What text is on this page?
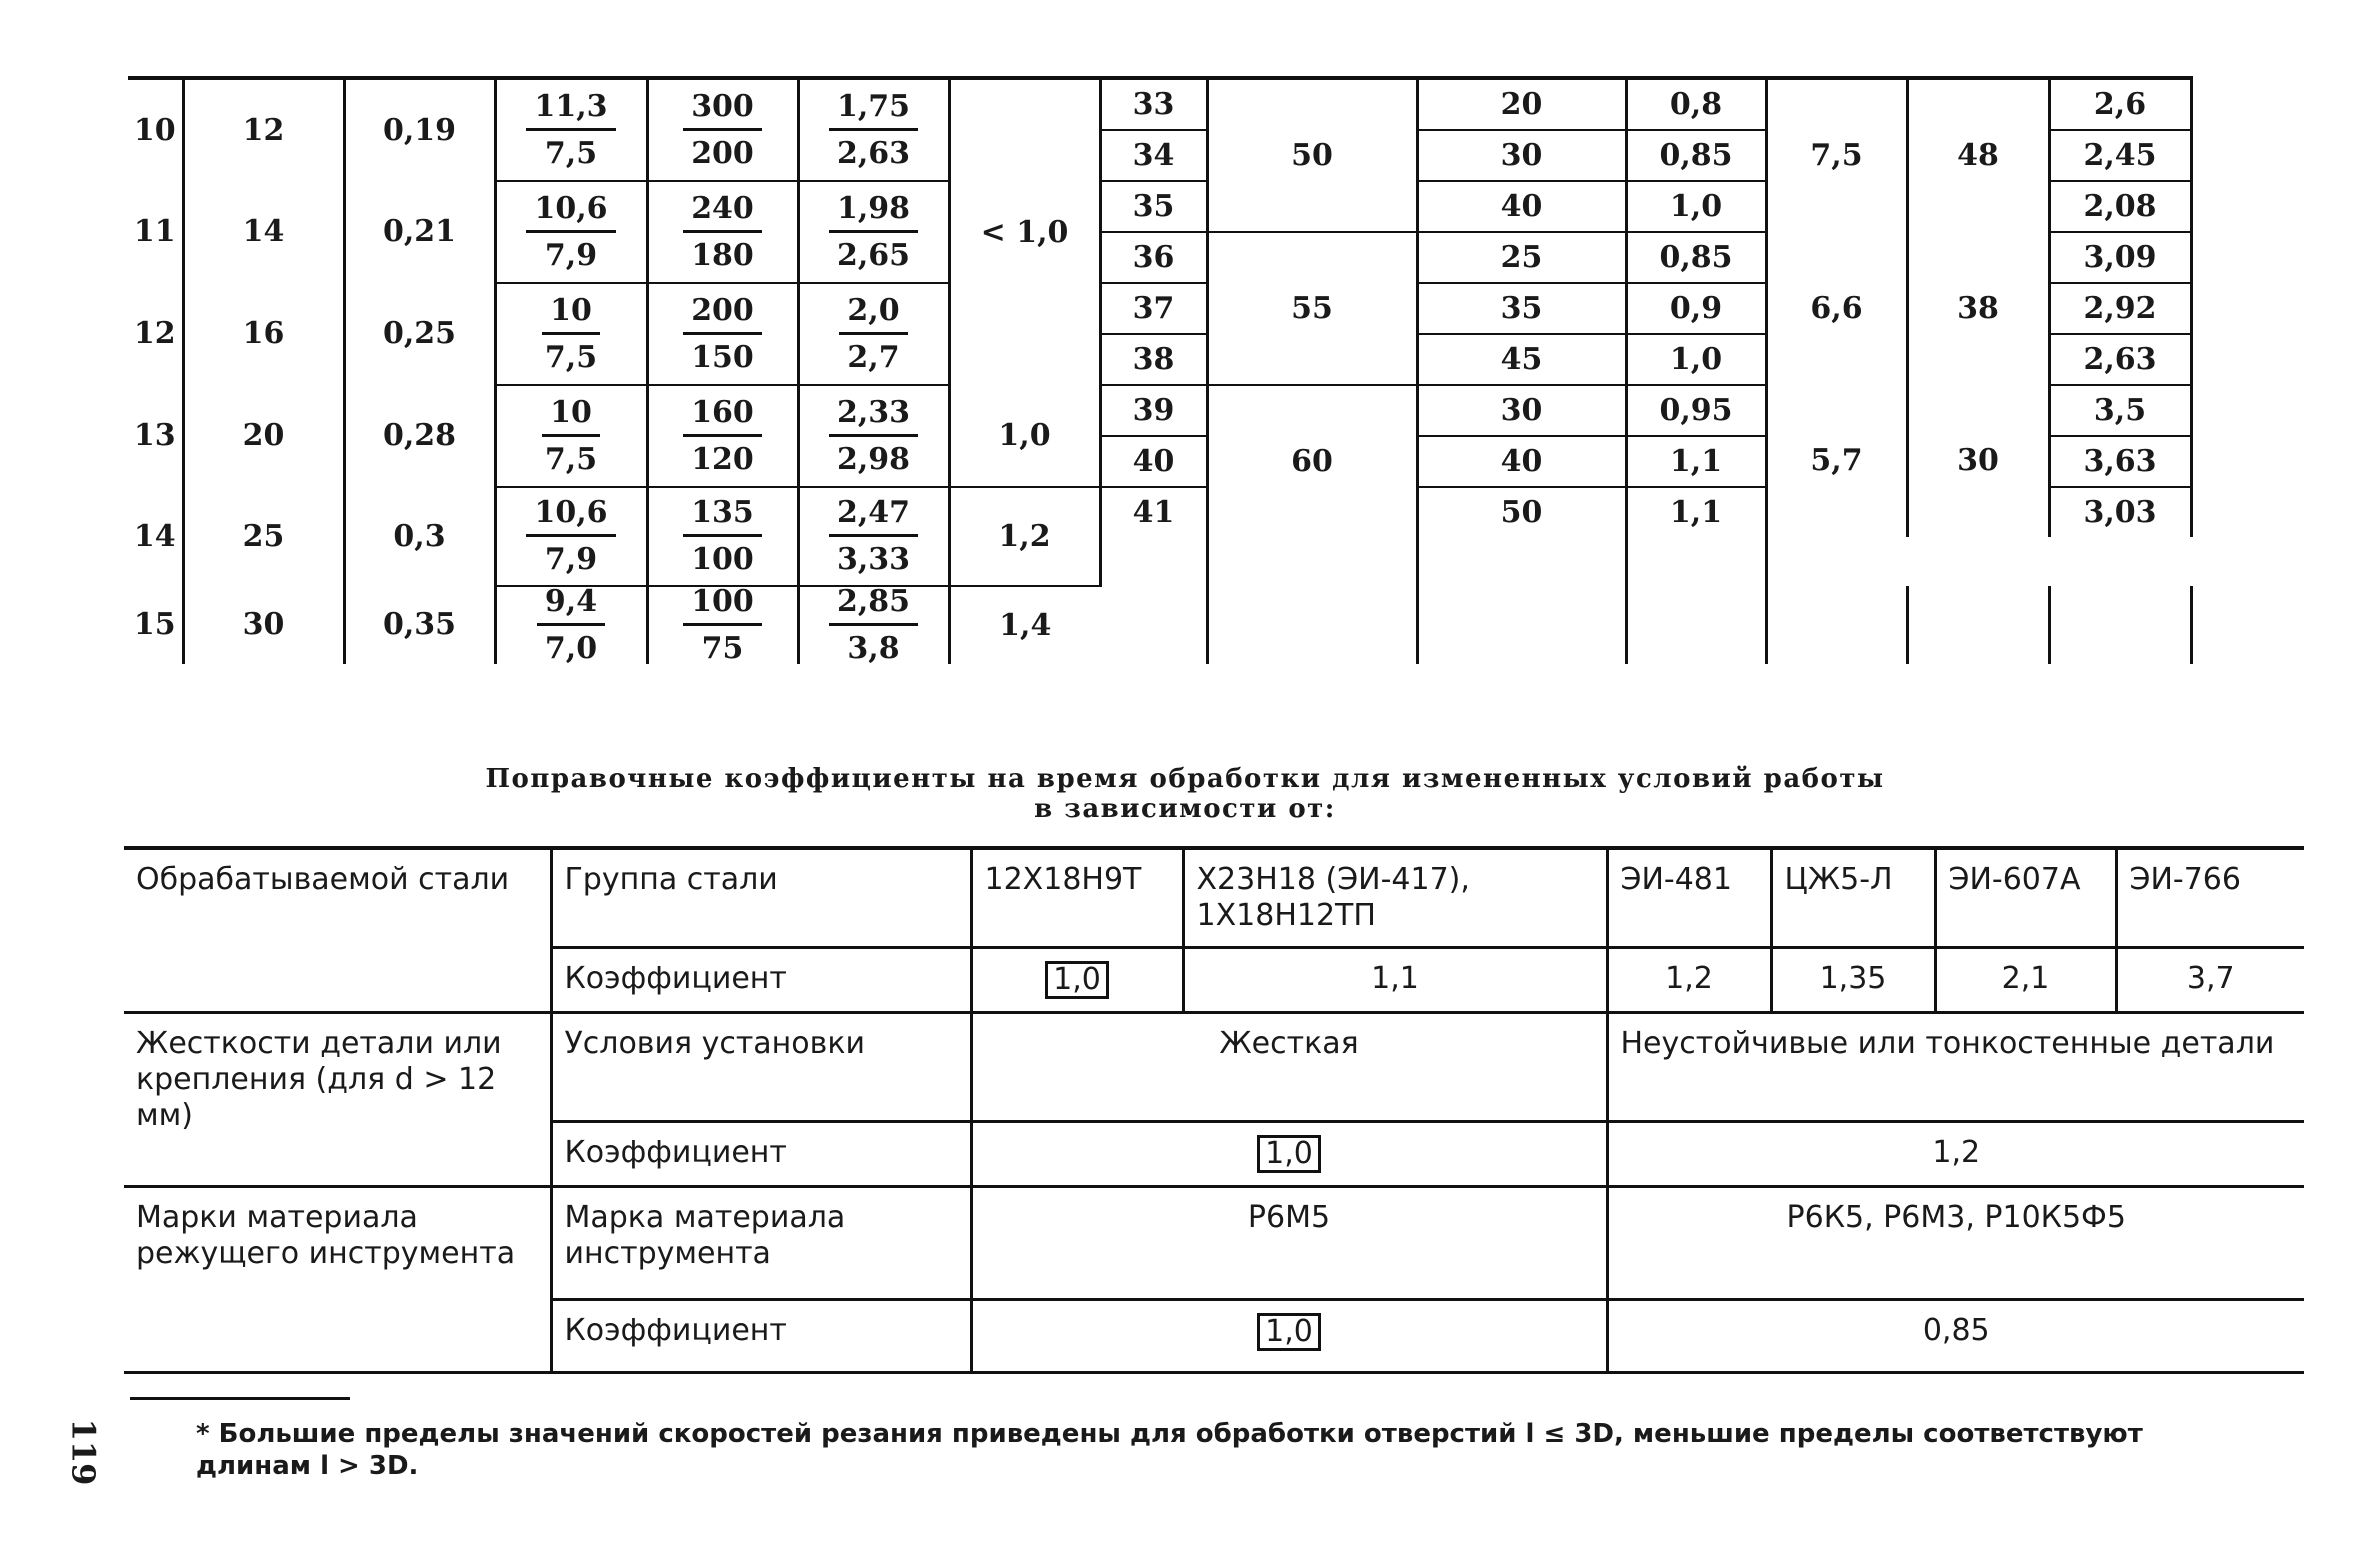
10	12	0,19	$\frac{11,3}{7,5}$	$\frac{300}{200}$	$\frac{1,75}{2,63}$	< 1,0	33	50	20	0,8	7,5	48	2,6
							34		30	0,85			2,45
11	14	0,21	$\frac{10,6}{7,9}$	$\frac{240}{180}$	$\frac{1,98}{2,65}$		35		40	1,0			2,08
							36	55	25	0,85	6,6	38	3,09
12	16	0,25	$\frac{10}{7,5}$	$\frac{200}{150}$	$\frac{2,0}{2,7}$		37		35	0,9			2,92
							38		45	1,0			2,63
13	20	0,28	$\frac{10}{7,5}$	$\frac{160}{120}$	$\frac{2,33}{2,98}$	1,0	39	60	30	0,95	5,7	30	3,5
							40		40	1,1			3,63
14	25	0,3	$\frac{10,6}{7,9}$	$\frac{135}{100}$	$\frac{2,47}{3,33}$	1,2	41		50	1,1			3,03

15	30	0,35	$\frac{9,4}{7,0}$	$\frac{100}{75}$	$\frac{2,85}{3,8}$	1,4							

Поправочные коэффициенты на время обработки для измененных условий работы
в зависимости от:
Обрабатываемой стали	Группа стали	12Х18Н9Т	Х23Н18 (ЭИ-417), 1Х18Н12ТП	ЭИ-481	ЦЖ5-Л	ЭИ-607А	ЭИ-766
	Коэффициент	1,0	1,1	1,2	1,35	2,1	3,7
Жесткости детали или крепления (для d > 12 мм)	Условия установки	Жесткая		Неустойчивые или тонкостенные детали			
	Коэффициент	1,0		1,2			
Марки материала режущего инструмента	Марка материала инструмента	Р6М5		Р6К5, Р6М3, Р10К5Ф5			
	Коэффициент	1,0		0,85			
* Большие пределы значений скоростей резания приведены для обработки отверстий l ≤ 3D, меньшие пределы соответствуют длинам l > 3D.
119
